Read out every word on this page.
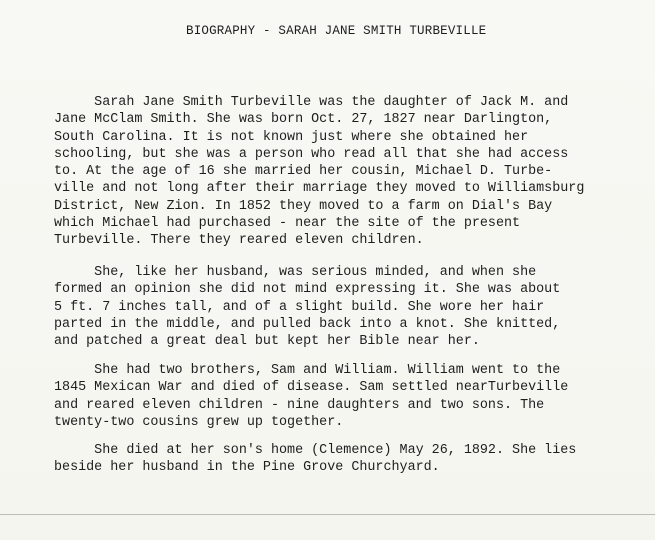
BIOGRAPHY - SARAH JANE SMITH TURBEVILLE
Sarah Jane Smith Turbeville was the daughter of Jack M. and
Jane McClam Smith. She was born Oct. 27, 1827 near Darlington,
South Carolina. It is not known just where she obtained her
schooling, but she was a person who read all that she had access
to. At the age of 16 she married her cousin, Michael D. Turbe-
ville and not long after their marriage they moved to Williamsburg
District, New Zion. In 1852 they moved to a farm on Dial's Bay
which Michael had purchased - near the site of the present
Turbeville. There they reared eleven children.
She, like her husband, was serious minded, and when she
formed an opinion she did not mind expressing it. She was about
5 ft. 7 inches tall, and of a slight build. She wore her hair
parted in the middle, and pulled back into a knot. She knitted,
and patched a great deal but kept her Bible near her.
She had two brothers, Sam and William. William went to the
1845 Mexican War and died of disease. Sam settled nearTurbeville
and reared eleven children - nine daughters and two sons. The
twenty-two cousins grew up together.
She died at her son's home (Clemence) May 26, 1892. She lies
beside her husband in the Pine Grove Churchyard.
